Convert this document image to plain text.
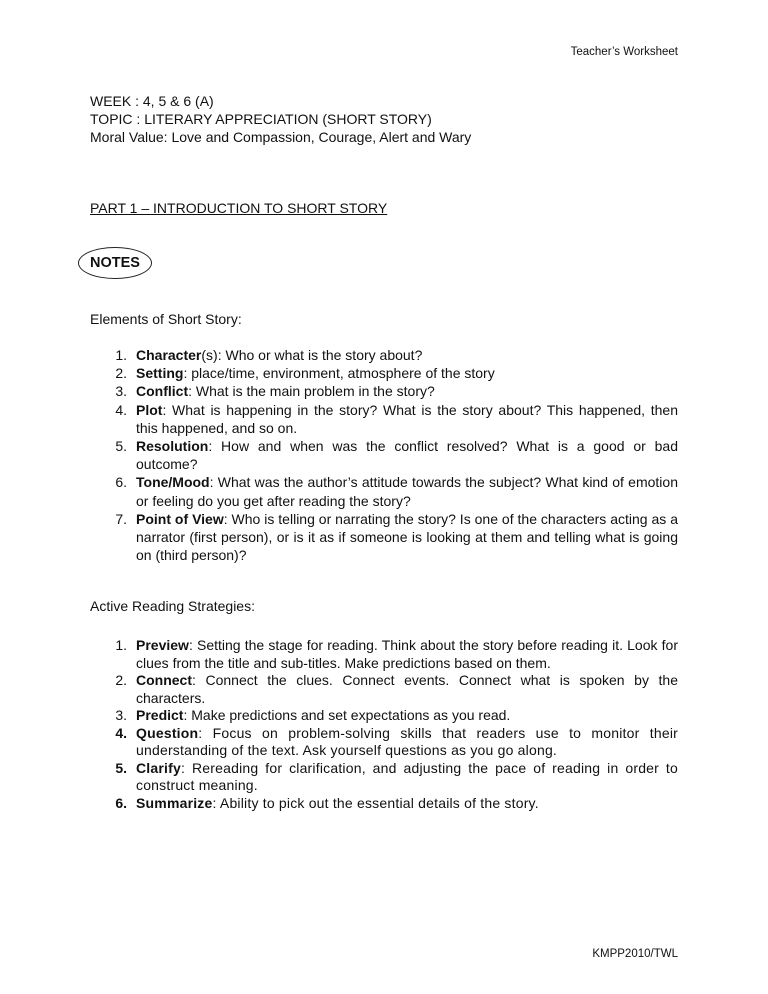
Teacher’s Worksheet
WEEK : 4, 5 & 6 (A)
TOPIC : LITERARY APPRECIATION (SHORT STORY)
Moral Value: Love and Compassion, Courage, Alert and Wary
PART 1 – INTRODUCTION TO SHORT STORY
NOTES
Elements of Short Story:
1. Character(s): Who or what is the story about?
2. Setting: place/time, environment, atmosphere of the story
3. Conflict: What is the main problem in the story?
4. Plot: What is happening in the story? What is the story about? This happened, then this happened, and so on.
5. Resolution: How and when was the conflict resolved? What is a good or bad outcome?
6. Tone/Mood: What was the author’s attitude towards the subject? What kind of emotion or feeling do you get after reading the story?
7. Point of View: Who is telling or narrating the story? Is one of the characters acting as a narrator (first person), or is it as if someone is looking at them and telling what is going on (third person)?
Active Reading Strategies:
1. Preview: Setting the stage for reading. Think about the story before reading it. Look for clues from the title and sub-titles. Make predictions based on them.
2. Connect: Connect the clues. Connect events. Connect what is spoken by the characters.
3. Predict: Make predictions and set expectations as you read.
4. Question: Focus on problem-solving skills that readers use to monitor their understanding of the text. Ask yourself questions as you go along.
5. Clarify: Rereading for clarification, and adjusting the pace of reading in order to construct meaning.
6. Summarize: Ability to pick out the essential details of the story.
KMPP2010/TWL
